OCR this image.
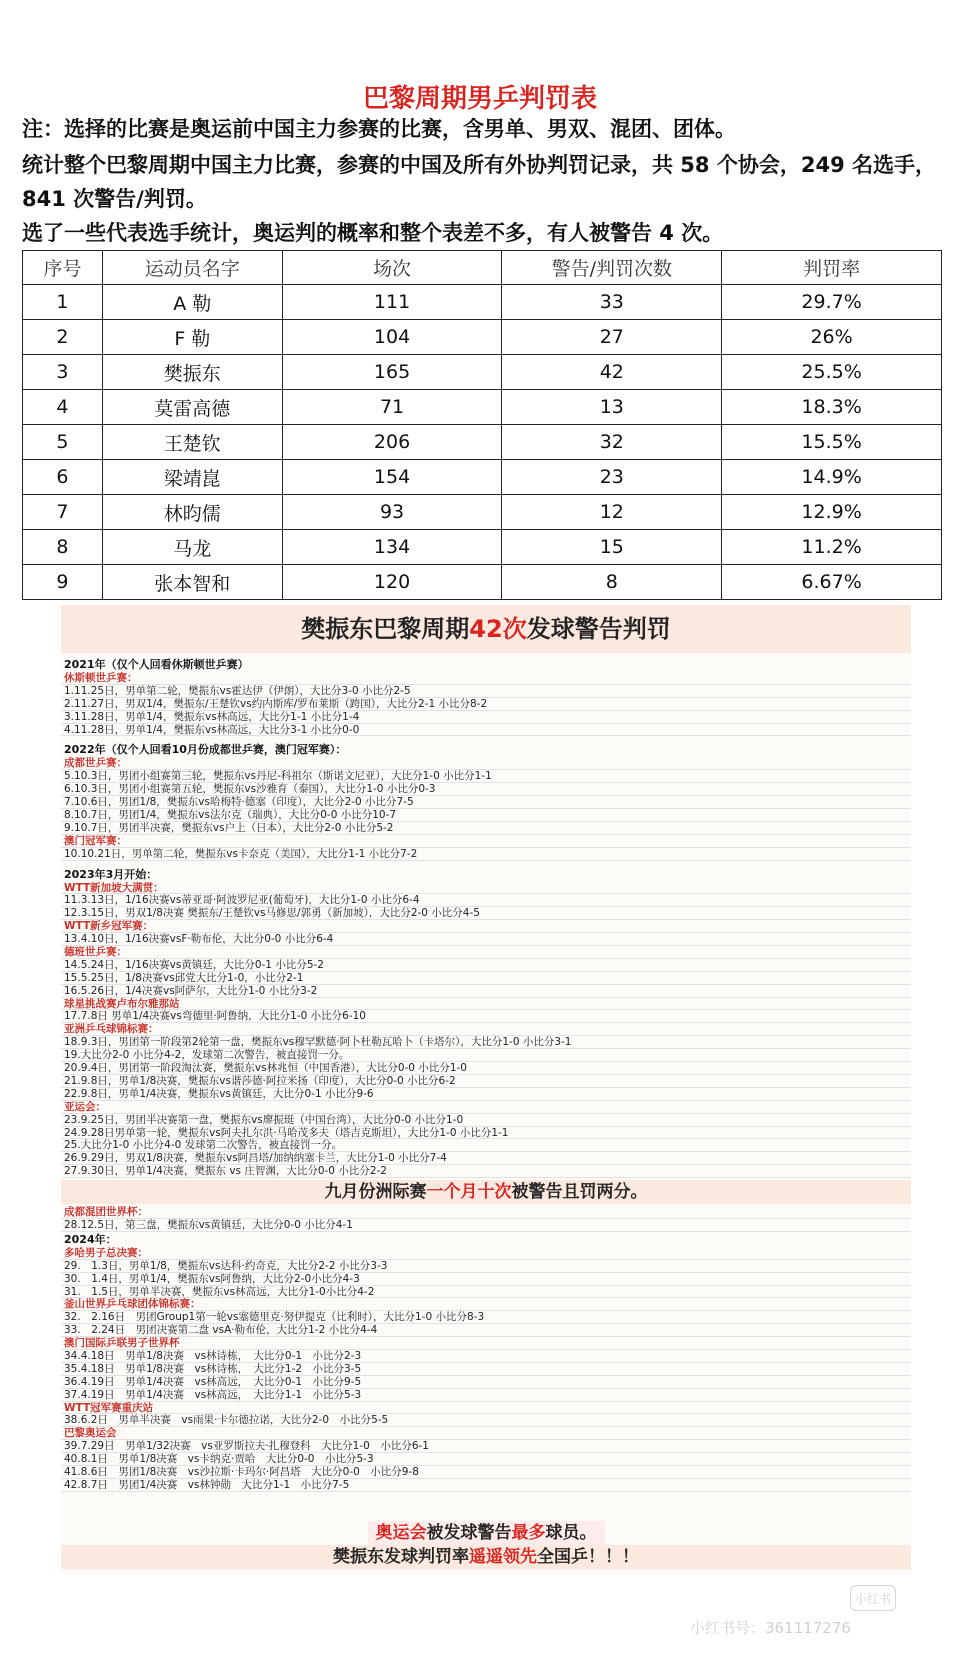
巴黎周期男乒判罚表
注：选择的比赛是奥运前中国主力参赛的比赛，含男单、男双、混团、团体。
统计整个巴黎周期中国主力比赛，参赛的中国及所有外协判罚记录，共 58 个协会，249 名选手，841 次警告/判罚。
选了一些代表选手统计，奥运判的概率和整个表差不多，有人被警告 4 次。
序号	运动员名字	场次	警告/判罚次数	判罚率
1	A 勒	111	33	29.7%
2	F 勒	104	27	26%
3	樊振东	165	42	25.5%
4	莫雷高德	71	13	18.3%
5	王楚钦	206	32	15.5%
6	梁靖崑	154	23	14.9%
7	林昀儒	93	12	12.9%
8	马龙	134	15	11.2%
9	张本智和	120	8	6.67%
樊振东巴黎周期42次发球警告判罚
2021年（仅个人回看休斯顿世乒赛）
休斯顿世乒赛：
1.11.25日，男单第二轮，樊振东vs霍达伊（伊朗），大比分3-0 小比分2-5
2.11.27日，男双1/4，樊振东/王楚钦vs约内斯库/罗布莱斯（跨国），大比分2-1 小比分8-2
3.11.28日，男单1/4，樊振东vs林高远，大比分1-1 小比分1-4
4.11.28日，男单1/4，樊振东vs林高远，大比分3-1 小比分0-0
2022年（仅个人回看10月份成都世乒赛，澳门冠军赛）：
成都世乒赛：
5.10.3日，男团小组赛第三轮，樊振东vs丹尼-科祖尔（斯诺文尼亚），大比分1-0 小比分1-1
6.10.3日，男团小组赛第五轮，樊振东vs沙雅育（泰国），大比分1-0 小比分0-3
7.10.6日，男团1/8，樊振东vs哈梅特·德塞（印度），大比分2-0 小比分7-5
8.10.7日，男团1/4，樊振东vs法尔克（瑞典），大比分0-0 小比分10-7
9.10.7日，男团半决赛，樊振东vs户上（日本），大比分2-0 小比分5-2
澳门冠军赛：
10.10.21日，男单第二轮，樊振东vs卡奈克（美国），大比分1-1 小比分7-2
2023年3月开始：
WTT新加坡大满贯：
11.3.13日，1/16决赛vs蒂亚哥·阿波罗尼亚(葡萄牙)，大比分1-0 小比分6-4
12.3.15日，男双1/8决赛 樊振东/王楚钦vs马修思/郭勇（新加坡），大比分2-0 小比分4-5
WTT新乡冠军赛：
13.4.10日，1/16决赛vsF·勒布伦，大比分0-0 小比分6-4
德班世乒赛：
14.5.24日，1/16决赛vs黄镇廷，大比分0-1 小比分5-2
15.5.25日，1/8决赛vs邱党大比分1-0，小比分2-1
16.5.26日，1/4决赛vs阿萨尔，大比分1-0 小比分3-2
球星挑战赛卢布尔雅那站
17.7.8日 男单1/4决赛vs弯德里·阿鲁纳，大比分1-0 小比分6-10
亚洲乒乓球锦标赛：
18.9.3日，男团第一阶段第2轮第一盘，樊振东vs穆罕默德·阿卜杜勒瓦哈卜（卡塔尔），大比分1-0 小比分3-1
19.大比分2-0 小比分4-2，发球第二次警告，被直接罚一分。
20.9.4日，男团第一阶段淘汰赛，樊振东vs林兆恒（中国香港），大比分0-0 小比分1-0
21.9.8日，男单1/8决赛，樊振东vs谐莎德·阿拉米扬（印度），大比分0-0 小比分6-2
22.9.8日，男单1/4决赛，樊振东vs黄镇廷，大比分0-1 小比分9-6
亚运会：
23.9.25日，男团半决赛第一盘，樊振东vs廖振珽（中国台湾），大比分0-0 小比分1-0
24.9.28日男单第一轮，樊振东vs阿夫扎尔洪·马哈茂多夫（塔吉克斯坦），大比分1-0 小比分1-1
25.大比分1-0 小比分4-0 发球第二次警告，被直接罚一分。
26.9.29日，男双1/8决赛，樊振东vs阿昌塔/加纳纳塞卡兰，大比分1-0 小比分7-4
27.9.30日，男单1/4决赛，樊振东 vs 庄智渊，大比分0-0 小比分2-2
九月份洲际赛一个月十次被警告且罚两分。
成都混团世界杯：
28.12.5日，第三盘，樊振东vs黄镇廷，大比分0-0 小比分4-1
2024年：
多哈男子总决赛：
29.　1.3日，男单1/8，樊振东vs达科·约奇克，大比分2-2 小比分3-3
30.　1.4日，男单1/4，樊振东vs阿鲁纳，大比分2-0小比分4-3
31.　1.5日，男单半决赛，樊振东vs林高远，大比分1-0小比分4-2
釜山世界乒乓球团体锦标赛：
32.　2.16日　男团Group1第一轮vs塞德里克·努伊提克（比利时），大比分1-0 小比分8-3
33.　2.24日　男团决赛第二盘 vsA·勒布伦，大比分1-2 小比分4-4
澳门国际乒联男子世界杯
34.4.18日　男单1/8决赛　vs林诗栋，　大比分0-1　小比分2-3
35.4.18日　男单1/8决赛　vs林诗栋，　大比分1-2　小比分3-5
36.4.19日　男单1/4决赛　vs林高远，　大比分0-1　小比分9-5
37.4.19日　男单1/4决赛　vs林高远，　大比分1-1　小比分5-3
WTT冠军赛重庆站
38.6.2日　男单半决赛　vs雨果·卡尔德拉诺，大比分2-0　小比分5-5
巴黎奥运会
39.7.29日　男单1/32决赛　vs亚罗斯拉夫·扎穆登科　大比分1-0　小比分6-1
40.8.1日　男单1/8决赛　vs卡纳克·贾哈　大比分0-0　小比分5-3
41.8.6日　男团1/8决赛　vs沙拉斯·卡玛尔·阿昌塔　大比分0-0　小比分9-8
42.8.7日　男团1/4决赛　vs林钟勋　大比分1-1　小比分7-5
奥运会被发球警告最多球员。
樊振东发球判罚率遥遥领先全国乒！！！
小红书
小红书号：361117276
